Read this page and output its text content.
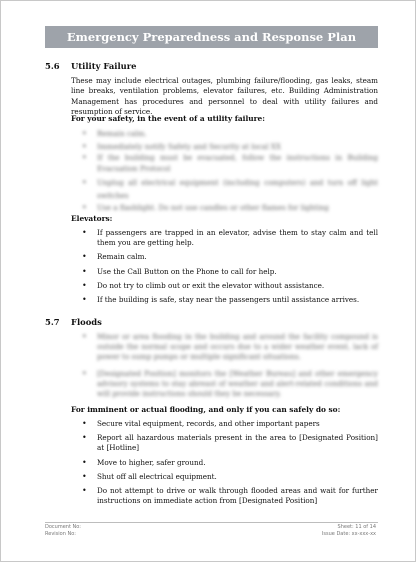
Emergency Preparedness and Response Plan
5.6 Utility Failure
These may include electrical outages, plumbing failure/flooding, gas leaks, steam line breaks, ventilation problems, elevator failures, etc. Building Administration Management has procedures and personnel to deal with utility failures and resumption of service.
For your safety, in the event of a utility failure:
• Remain calm.
• Immediately notify Safety and Security at local XX
• If the building must be evacuated, follow the instructions in Building Evacuation Protocol
• Unplug all electrical equipment (including computers) and turn off light switches
• Use a flashlight. Do not use candles or other flames for lighting
Elevators:
• If passengers are trapped in an elevator, advise them to stay calm and tell them you are getting help.
• Remain calm.
• Use the Call Button on the Phone to call for help.
• Do not try to climb out or exit the elevator without assistance.
• If the building is safe, stay near the passengers until assistance arrives.
5.7 Floods
• Minor or area flooding in the building and around the facility compound is outside the normal scope and occurs due to a wider weather event, lack of power to sump pumps or multiple significant situations.
• [Designated Position] monitors the [Weather Bureau] and other emergency advisory systems to stay abreast of weather and alert-related conditions and will provide instructions should they be necessary.
For imminent or actual flooding, and only if you can safely do so:
• Secure vital equipment, records, and other important papers
• Report all hazardous materials present in the area to [Designated Position] at [Hotline]
• Move to higher, safer ground.
• Shut off all electrical equipment.
• Do not attempt to drive or walk through flooded areas and wait for further instructions on immediate action from [Designated Position]
Document No:
Revision No:
Sheet: 11 of 14
Issue Date: xx-xxx-xx
